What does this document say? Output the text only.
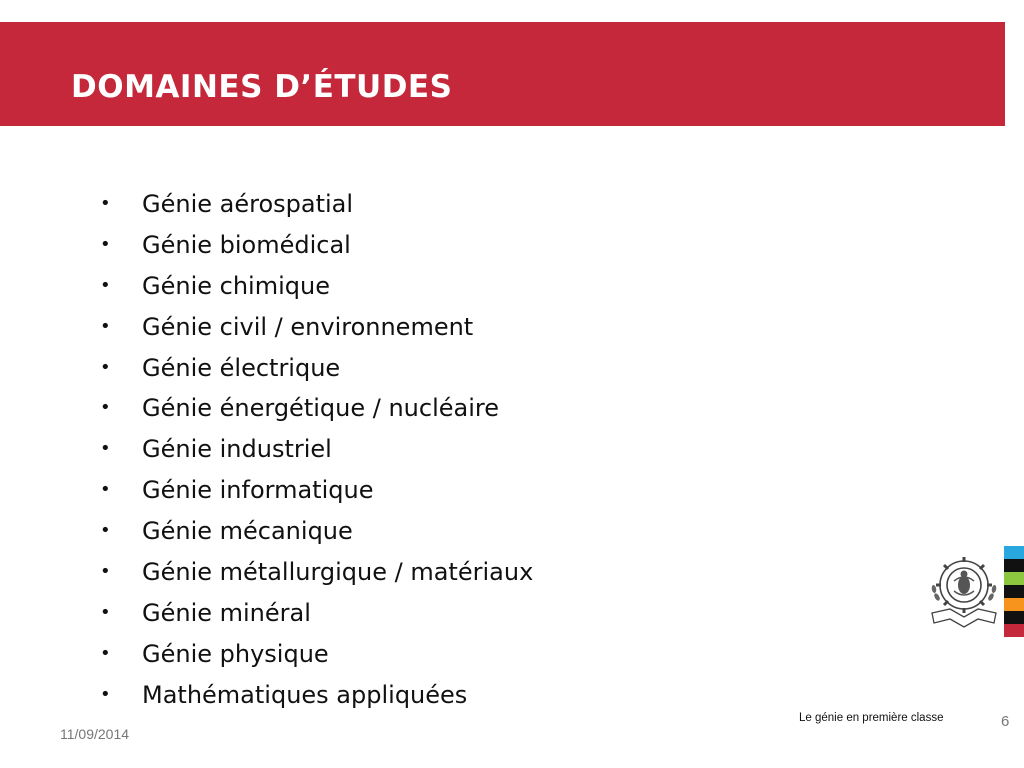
DOMAINES D’ÉTUDES
•	Génie aérospatial
•	Génie biomédical
•	Génie chimique
•	Génie civil / environnement
•	Génie électrique
•	Génie énergétique / nucléaire
•	Génie industriel
•	Génie informatique
•	Génie mécanique
•	Génie métallurgique / matériaux
•	Génie minéral
•	Génie physique
•	Mathématiques appliquées
11/09/2014
Le génie en première classe	6
